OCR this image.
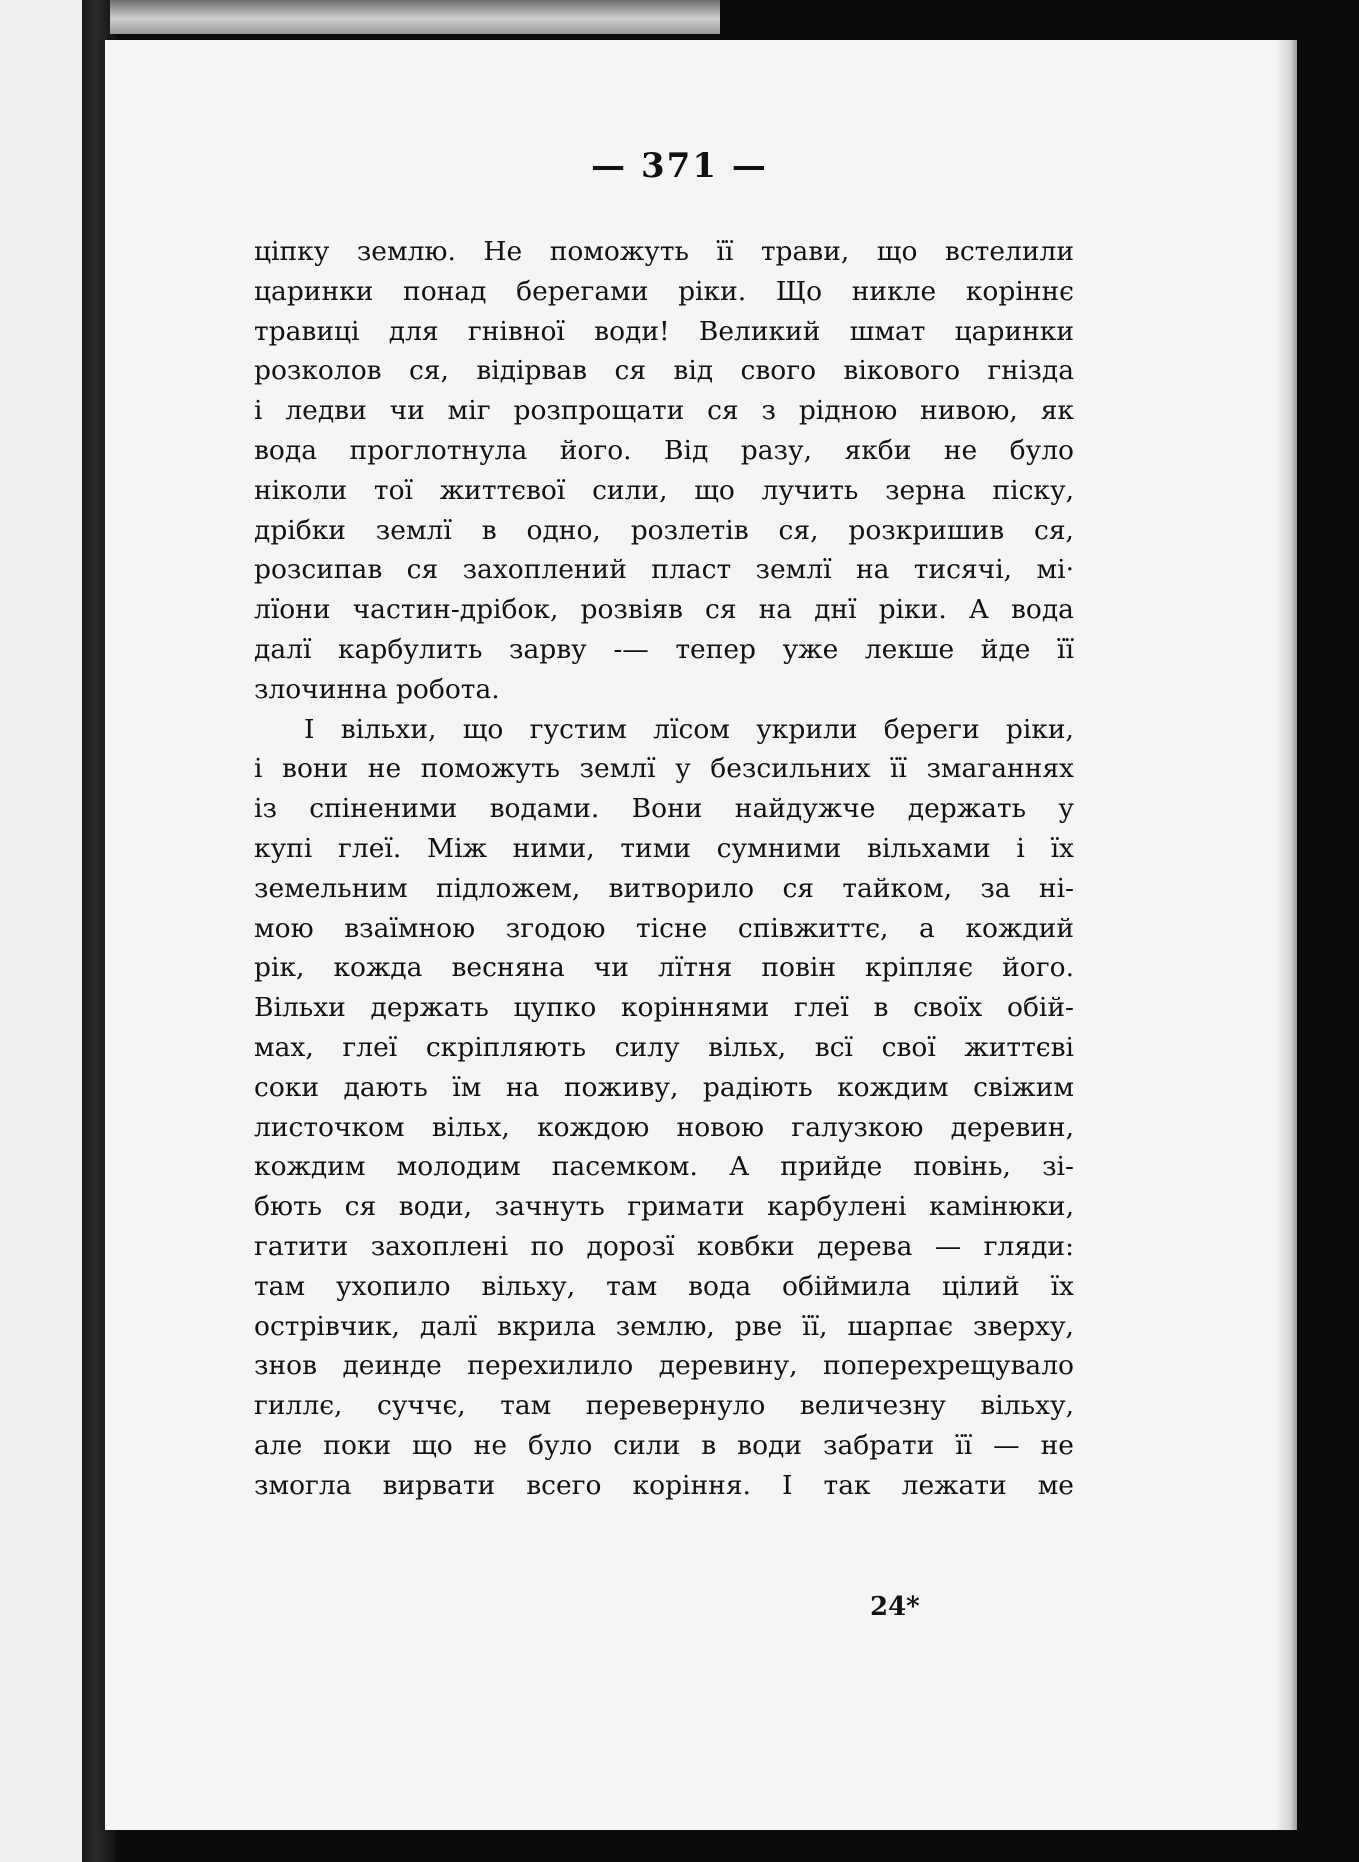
— 371 —
ціпку землю. Не поможуть її трави, що встелили
царинки понад берегами ріки. Що никле коріннє
травиці для гнівної води! Великий шмат царинки
розколов ся, відірвав ся від свого вікового гнізда
і ледви чи міг розпрощати ся з рідною нивою, як
вода проглотнула його. Від разу, якби не було
ніколи тої життєвої сили, що лучить зерна піску,
дрібки землї в одно, розлетів ся, розкришив ся,
розсипав ся захоплений пласт землї на тисячі, мі·
лїони частин-дрібок, розвіяв ся на днї ріки. А вода
далї карбулить зарву -— тепер уже лекше йде її
злочинна робота.
І вільхи, що густим лїсом укрили береги ріки,
і вони не поможуть землї у безсильних її змаганнях
із спіненими водами. Вони найдужче держать у
купі глеї. Між ними, тими сумними вільхами і їх
земельним підложем, витворило ся тайком, за ні-
мою взаїмною згодою тісне співжиттє, а кождий
рік, кожда весняна чи лїтня повін кріпляє його.
Вільхи держать цупко коріннями глеї в своїх обій-
мах, глеї скріпляють силу вільх, всї свої життєві
соки дають їм на поживу, радіють кождим свіжим
листочком вільх, кождою новою галузкою деревин,
кождим молодим пасемком. А прийде повінь, зі-
бють ся води, зачнуть гримати карбулені камінюки,
гатити захоплені по дорозї ковбки дерева — гляди:
там ухопило вільху, там вода обіймила цілий їх
острівчик, далї вкрила землю, рве її, шарпає зверху,
знов деинде перехилило деревину, поперехрещувало
гиллє, суччє, там перевернуло величезну вільху,
але поки що не було сили в води забрати її — не
змогла вирвати всего коріння. І так лежати ме
24*
